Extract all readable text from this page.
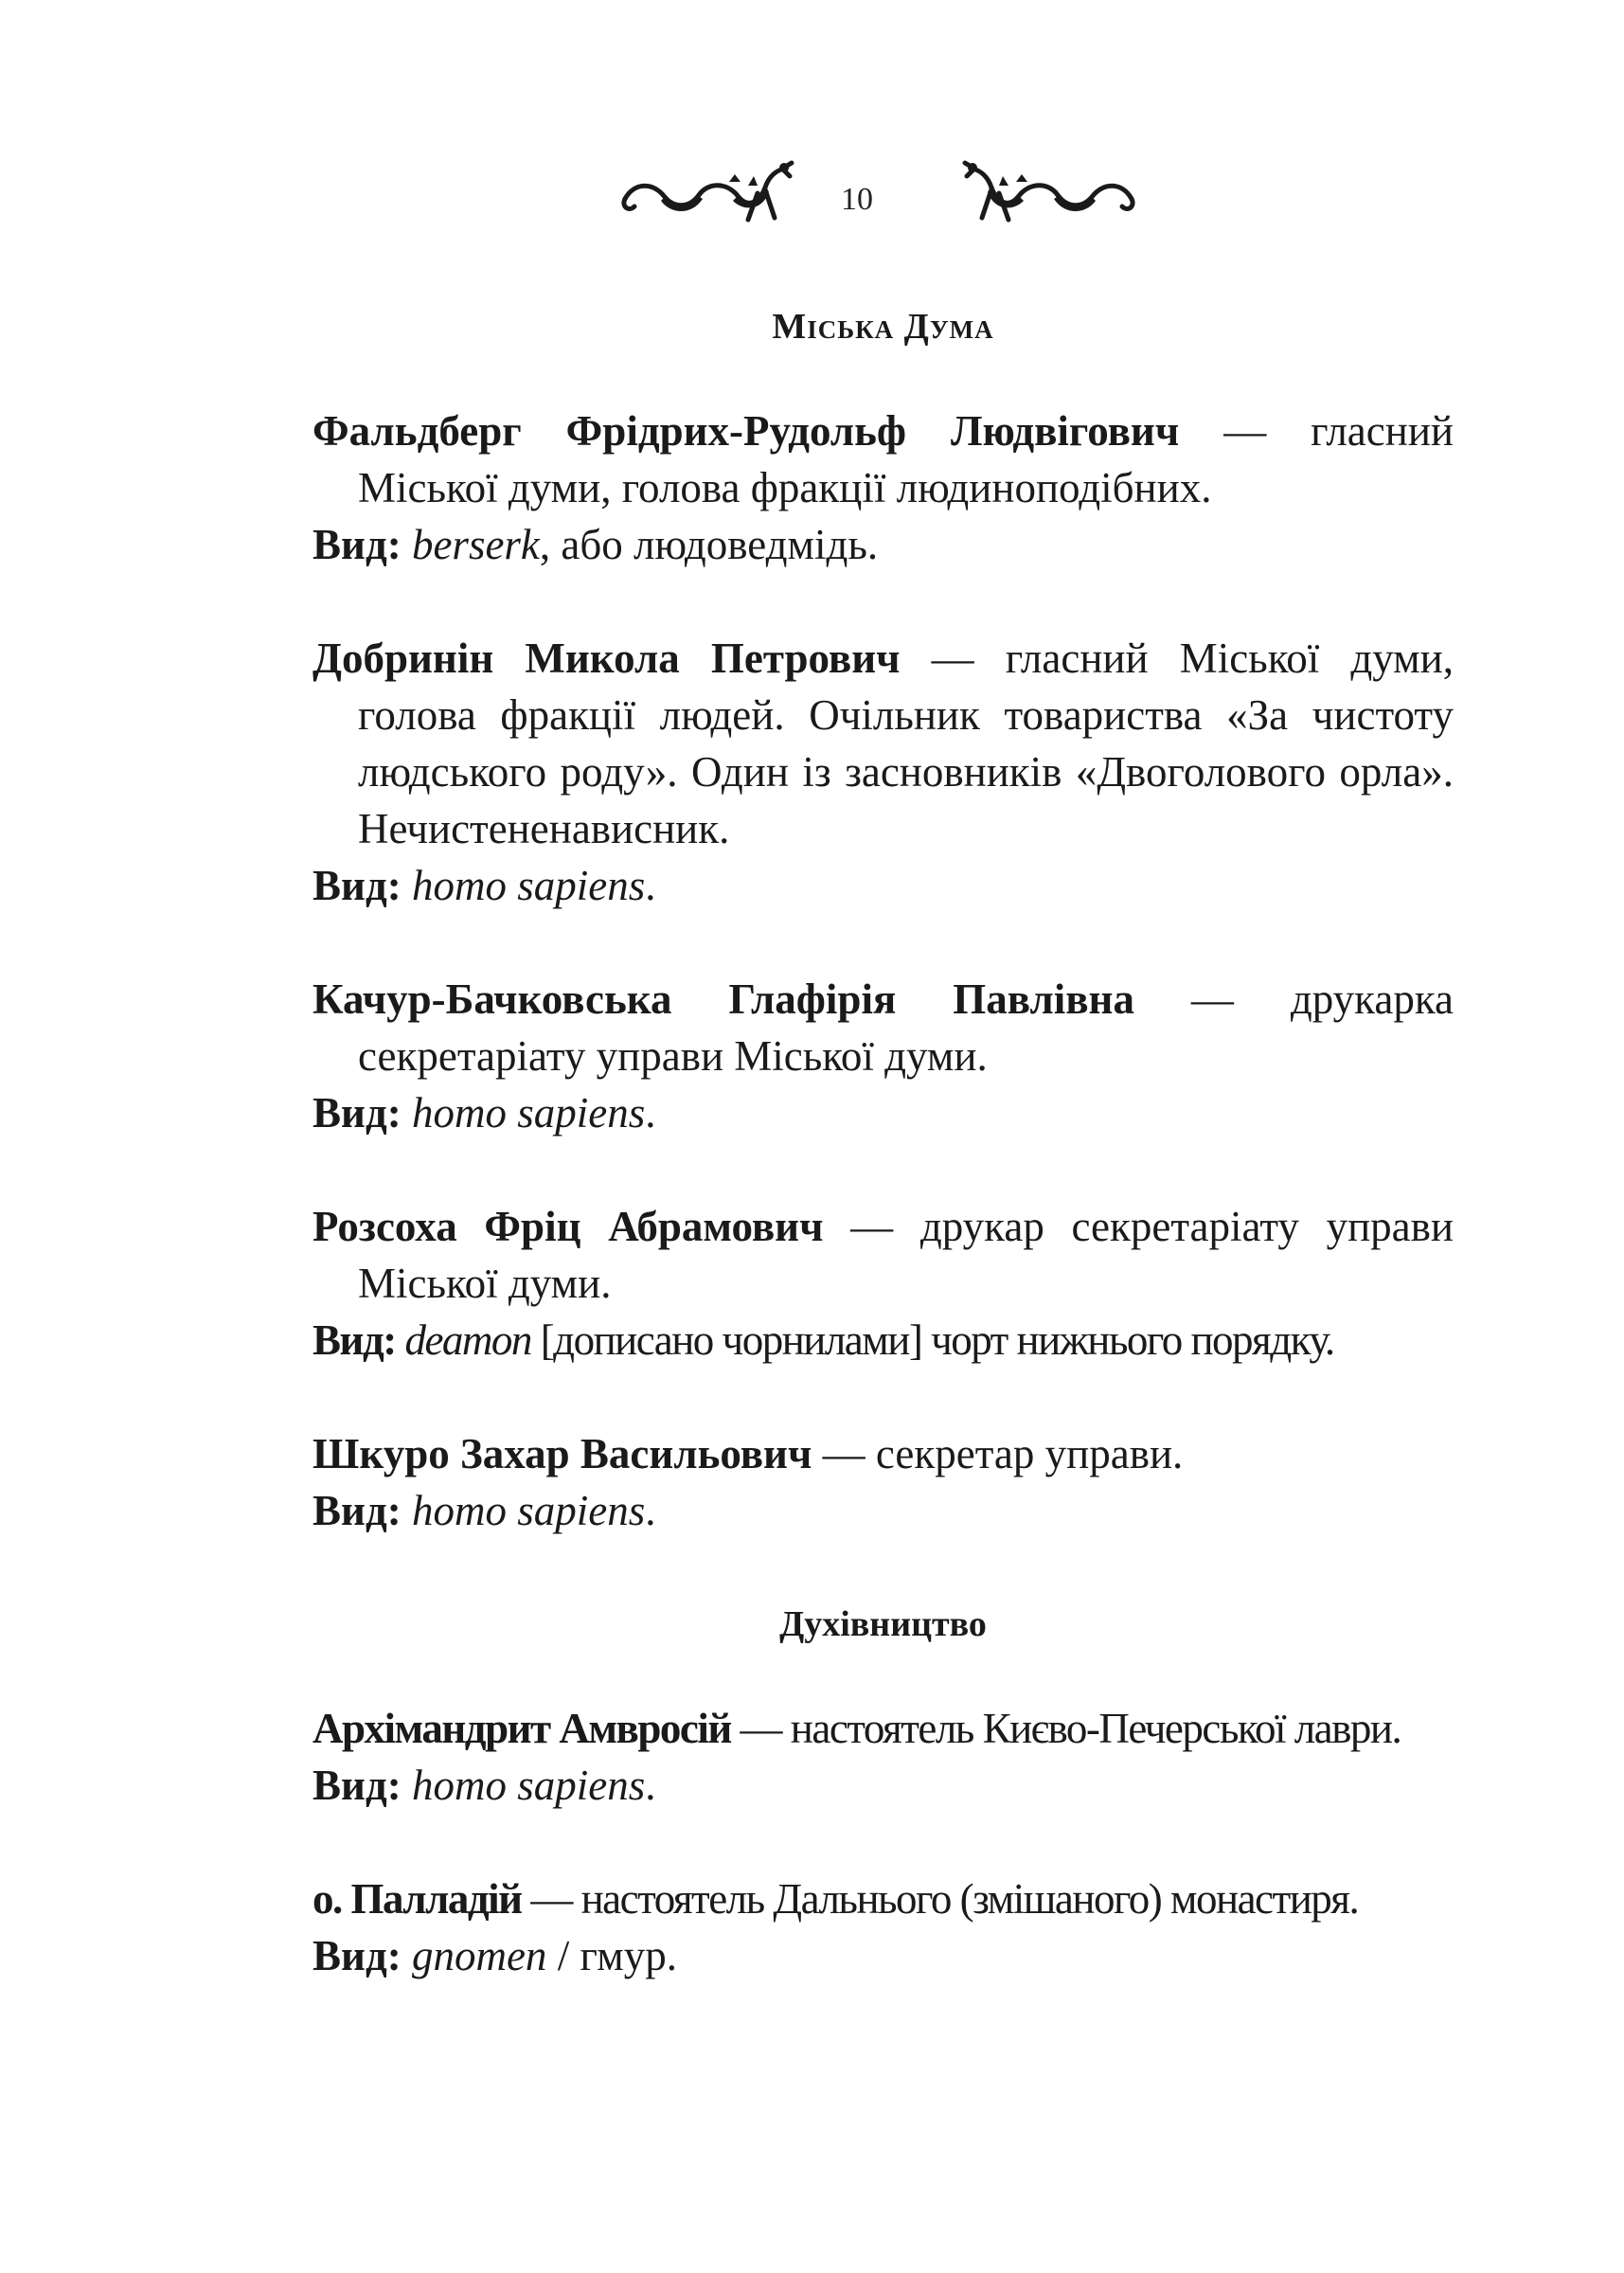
10
Міська Дума

Фальдберг Фрідрих-Рудольф Людвігович — гласний Міської думи, голова фракції людиноподібних.

Вид: berserk, або людоведмідь.

Добринін Микола Петрович — гласний Міської думи, голова фракції людей. Очільник товариства «За чистоту людського роду». Один із засновників «Двоголового орла». Нечистененависник.

Вид: homo sapiens.

Качур-Бачковська Глафірія Павлівна — друкарка секретаріату управи Міської думи.

Вид: homo sapiens.

Розсоха Фріц Абрамович — друкар секретаріату управи Міської думи.

Вид: deamon [дописано чорнилами] чорт нижнього порядку.

Шкуро Захар Васильович — секретар управи.

Вид: homo sapiens.

Духівництво

Архімандрит Амвросій — настоятель Києво-Печерської лаври.

Вид: homo sapiens.

о. Палладій — настоятель Дальнього (змішаного) монастиря.

Вид: gnomen / гмур.
